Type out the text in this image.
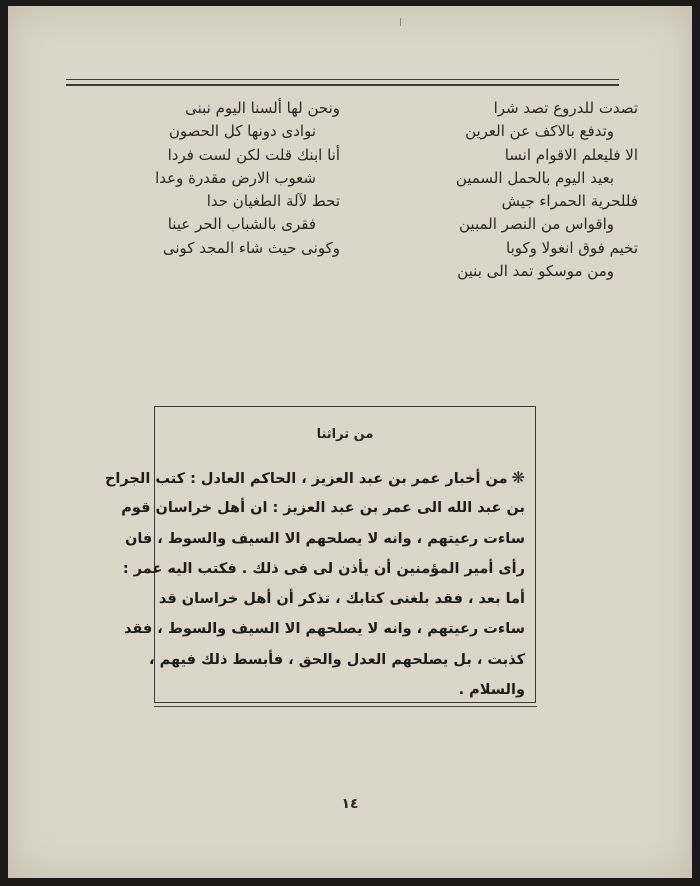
تصدت للدروع تصد شرا
وتدفع بالاكف عن العرين
الا فليعلم الاقوام انسا
بعيد اليوم بالحمل السمين
فللحرية الحمراء جيش
واقواس من النصر المبين
تخيم فوق انغولا وكوبا
ومن موسكو تمد الى بنين
ونحن لها ألسنا اليوم نبنى
نوادى دونها كل الحصون
أنا ابنك قلت لكن لست فردا
شعوب الارض مقدرة وعدا
تحط لآلة الطغيان حدا
فقرى بالشباب الحر عينا
وكونى حيث شاء المجد كونى
من تراثنا
❋من أخبار عمر بن عبد العزيز ، الحاكم العادل : كتب الجراح
بن عبد الله الى عمر بن عبد العزيز : ان أهل خراسان قوم
ساءت رعيتهم ، وانه لا يصلحهم الا السيف والسوط ، فان
رأى أمير المؤمنين أن يأذن لى فى ذلك . فكتب اليه عمر :
أما بعد ، فقد بلغنى كتابك ، تذكر أن أهل خراسان قد
ساءت رعيتهم ، وانه لا يصلحهم الا السيف والسوط ، فقد
كذبت ، بل يصلحهم العدل والحق ، فأبسط ذلك فيهم ،
والسلام .
١٤
